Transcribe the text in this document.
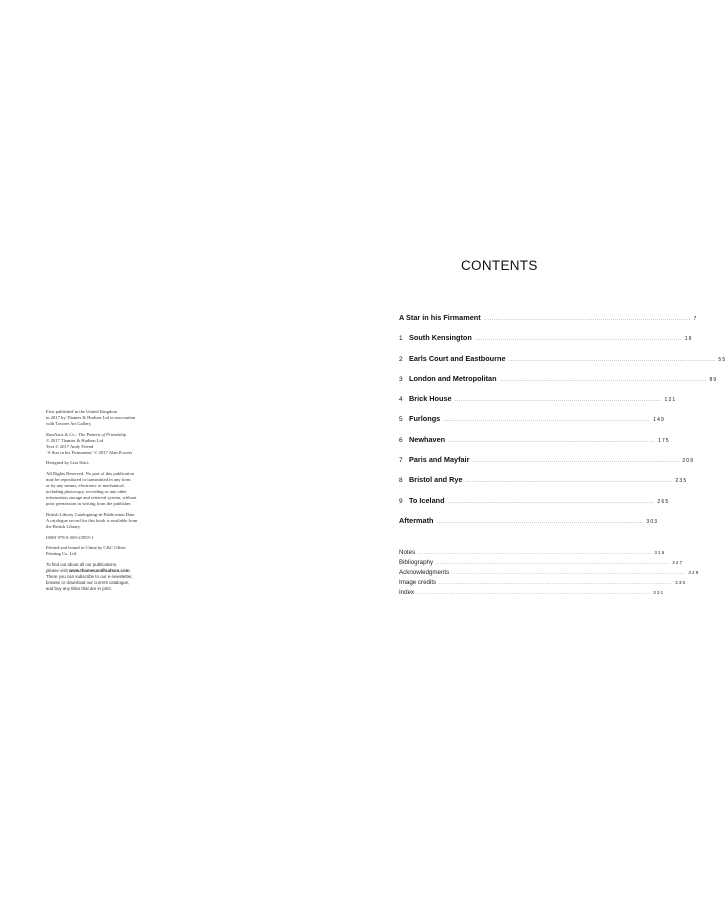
First published in the United Kingdom
in 2017 by Thames & Hudson Ltd in association
with Towner Art Gallery

Ravilious & Co.: The Pattern of Friendship
© 2017 Thames & Hudson Ltd
Text © 2017 Andy Friend
‘A Star in his Firmament’ © 2017 Alan Powers

Designed by Lisa Ifsits

All Rights Reserved. No part of this publication
may be reproduced or transmitted in any form
or by any means, electronic or mechanical,
including photocopy, recording or any other
information storage and retrieval system, without
prior permission in writing from the publisher.

British Library Cataloguing-in-Publication Data
A catalogue record for this book is available from
the British Library

ISBN 978-0-500-23955-1

Printed and bound in China by C&C Offset
Printing Co. Ltd.

To find out about all our publications,
please visit www.thamesandhudson.com.
There you can subscribe to our e-newsletter,
browse or download our current catalogue,
and buy any titles that are in print.

CONTENTS
A Star in his Firmament ........................................................................................................ 7
1 South Kensington ........................................................................................................ 19
2 Earls Court and Eastbourne ........................................................................................................ 55
3 London and Metropolitan ........................................................................................................ 89
4 Brick House ........................................................................................................ 121
5 Furlongs ........................................................................................................ 149
6 Newhaven ........................................................................................................ 175
7 Paris and Mayfair ........................................................................................................ 209
8 Bristol and Rye ........................................................................................................ 235
9 To Iceland ........................................................................................................ 265
Aftermath ........................................................................................................ 303
Notes .............................................................................................................................. 316
Bibliography .............................................................................................................................. 327
Acknowledgments .............................................................................................................................. 329
Image credits .............................................................................................................................. 330
Index .............................................................................................................................. 331
